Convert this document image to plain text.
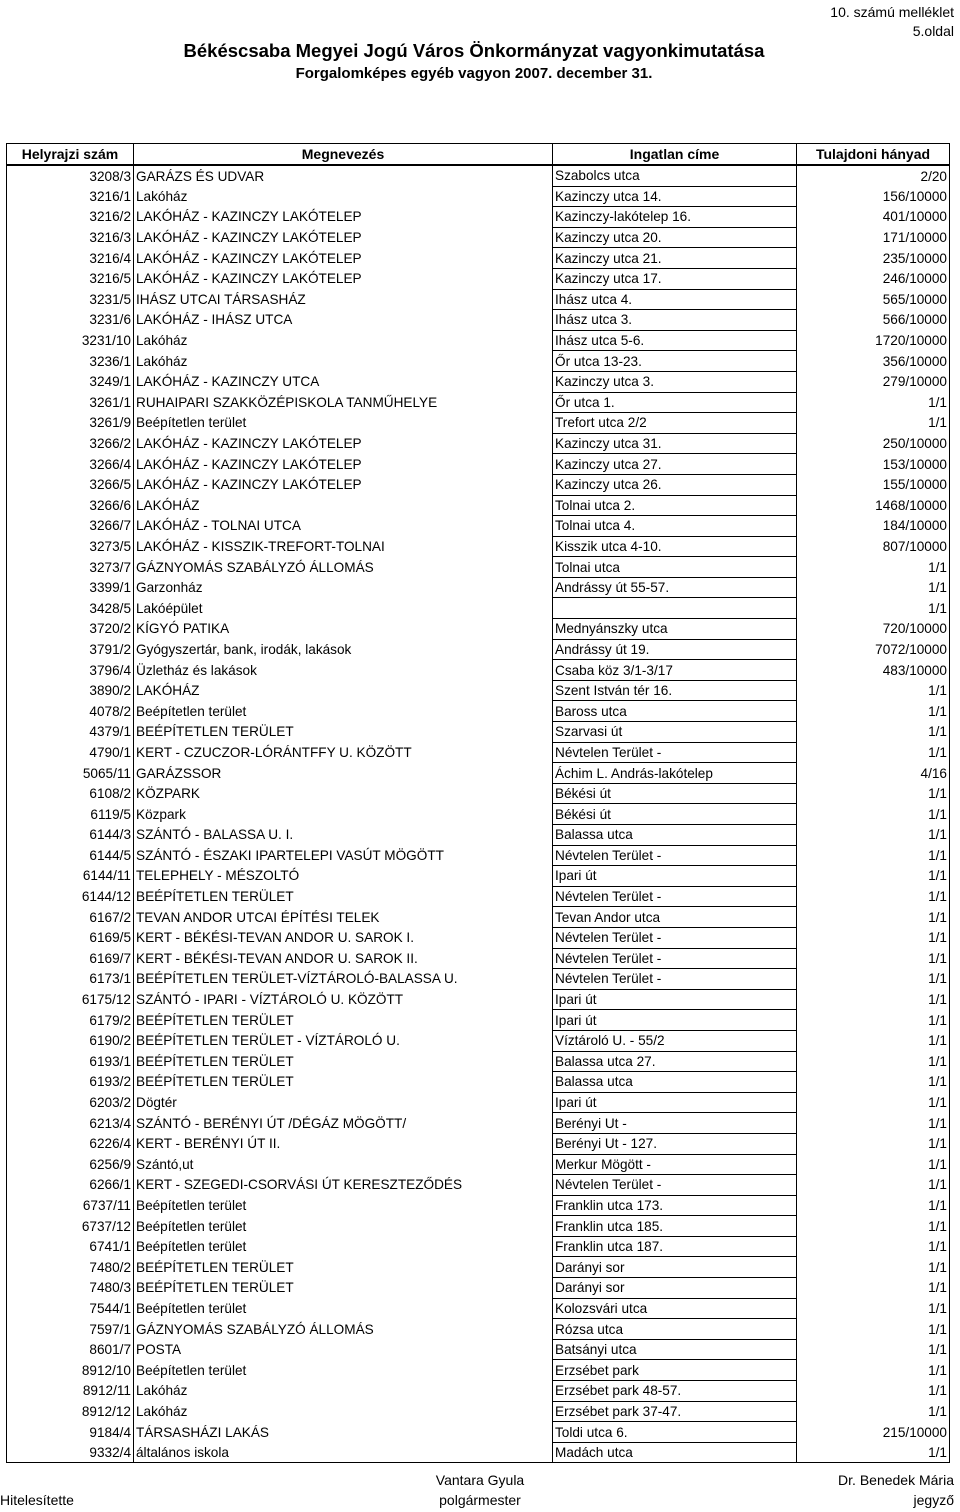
10. számú melléklet
5.oldal
Békéscsaba Megyei Jogú Város Önkormányzat vagyonkimutatása
Forgalomképes egyéb vagyon 2007. december 31.
Helyrajzi szám	Megnevezés	Ingatlan címe	Tulajdoni hányad
3208/3	GARÁZS ÉS UDVAR	Szabolcs utca	2/20
3216/1	Lakóház	Kazinczy utca 14.	156/10000
3216/2	LAKÓHÁZ - KAZINCZY LAKÓTELEP	Kazinczy-lakótelep 16.	401/10000
3216/3	LAKÓHÁZ - KAZINCZY LAKÓTELEP	Kazinczy utca 20.	171/10000
3216/4	LAKÓHÁZ - KAZINCZY LAKÓTELEP	Kazinczy utca 21.	235/10000
3216/5	LAKÓHÁZ - KAZINCZY LAKÓTELEP	Kazinczy utca 17.	246/10000
3231/5	IHÁSZ UTCAI TÁRSASHÁZ	Ihász utca 4.	565/10000
3231/6	LAKÓHÁZ - IHÁSZ UTCA	Ihász utca 3.	566/10000
3231/10	Lakóház	Ihász utca 5-6.	1720/10000
3236/1	Lakóház	Őr utca 13-23.	356/10000
3249/1	LAKÓHÁZ - KAZINCZY UTCA	Kazinczy utca 3.	279/10000
3261/1	RUHAIPARI SZAKKÖZÉPISKOLA TANMŰHELYE	Őr utca 1.	1/1
3261/9	Beépítetlen terület	Trefort utca 2/2	1/1
3266/2	LAKÓHÁZ - KAZINCZY LAKÓTELEP	Kazinczy utca 31.	250/10000
3266/4	LAKÓHÁZ - KAZINCZY LAKÓTELEP	Kazinczy utca 27.	153/10000
3266/5	LAKÓHÁZ - KAZINCZY LAKÓTELEP	Kazinczy utca 26.	155/10000
3266/6	LAKÓHÁZ	Tolnai utca 2.	1468/10000
3266/7	LAKÓHÁZ - TOLNAI UTCA	Tolnai utca 4.	184/10000
3273/5	LAKÓHÁZ - KISSZIK-TREFORT-TOLNAI	Kisszik utca 4-10.	807/10000
3273/7	GÁZNYOMÁS SZABÁLYZÓ ÁLLOMÁS	Tolnai utca	1/1
3399/1	Garzonház	Andrássy út 55-57.	1/1
3428/5	Lakóépület		1/1
3720/2	KÍGYÓ PATIKA	Mednyánszky utca	720/10000
3791/2	Gyógyszertár, bank, irodák, lakások	Andrássy út 19.	7072/10000
3796/4	Üzletház és lakások	Csaba köz 3/1-3/17	483/10000
3890/2	LAKÓHÁZ	Szent István tér 16.	1/1
4078/2	Beépítetlen terület	Baross utca	1/1
4379/1	BEÉPÍTETLEN TERÜLET	Szarvasi út	1/1
4790/1	KERT - CZUCZOR-LÓRÁNTFFY U. KÖZÖTT	Névtelen Terület -	1/1
5065/11	GARÁZSSOR	Áchim L. András-lakótelep	4/16
6108/2	KÖZPARK	Békési út	1/1
6119/5	Közpark	Békési út	1/1
6144/3	SZÁNTÓ - BALASSA U. I.	Balassa utca	1/1
6144/5	SZÁNTÓ - ÉSZAKI IPARTELEPI VASÚT MÖGÖTT	Névtelen Terület -	1/1
6144/11	TELEPHELY - MÉSZOLTÓ	Ipari út	1/1
6144/12	BEÉPÍTETLEN TERÜLET	Névtelen Terület -	1/1
6167/2	TEVAN ANDOR UTCAI ÉPÍTÉSI TELEK	Tevan Andor utca	1/1
6169/5	KERT - BÉKÉSI-TEVAN ANDOR U. SAROK I.	Névtelen Terület -	1/1
6169/7	KERT - BÉKÉSI-TEVAN ANDOR U. SAROK II.	Névtelen Terület -	1/1
6173/1	BEÉPÍTETLEN TERÜLET-VÍZTÁROLÓ-BALASSA U.	Névtelen Terület -	1/1
6175/12	SZÁNTÓ - IPARI - VÍZTÁROLÓ U. KÖZÖTT	Ipari út	1/1
6179/2	BEÉPÍTETLEN TERÜLET	Ipari út	1/1
6190/2	BEÉPÍTETLEN TERÜLET - VÍZTÁROLÓ U.	Víztároló U. - 55/2	1/1
6193/1	BEÉPÍTETLEN TERÜLET	Balassa utca 27.	1/1
6193/2	BEÉPÍTETLEN TERÜLET	Balassa utca	1/1
6203/2	Dögtér	Ipari út	1/1
6213/4	SZÁNTÓ - BERÉNYI ÚT /DÉGÁZ MÖGÖTT/	Berényi Ut -	1/1
6226/4	KERT - BERÉNYI ÚT II.	Berényi Ut - 127.	1/1
6256/9	Szántó,ut	Merkur Mögött -	1/1
6266/1	KERT - SZEGEDI-CSORVÁSI ÚT KERESZTEZŐDÉS	Névtelen Terület -	1/1
6737/11	Beépítetlen terület	Franklin utca 173.	1/1
6737/12	Beépítetlen terület	Franklin utca 185.	1/1
6741/1	Beépítetlen terület	Franklin utca 187.	1/1
7480/2	BEÉPÍTETLEN TERÜLET	Darányi sor	1/1
7480/3	BEÉPÍTETLEN TERÜLET	Darányi sor	1/1
7544/1	Beépítetlen terület	Kolozsvári utca	1/1
7597/1	GÁZNYOMÁS SZABÁLYZÓ ÁLLOMÁS	Rózsa utca	1/1
8601/7	POSTA	Batsányi utca	1/1
8912/10	Beépítetlen terület	Erzsébet park	1/1
8912/11	Lakóház	Erzsébet park 48-57.	1/1
8912/12	Lakóház	Erzsébet park 37-47.	1/1
9184/4	TÁRSASHÁZI LAKÁS	Toldi utca 6.	215/10000
9332/4	általános iskola	Madách utca	1/1
Hitelesítette
Vantara Gyula
polgármester
Dr. Benedek Mária
jegyző
